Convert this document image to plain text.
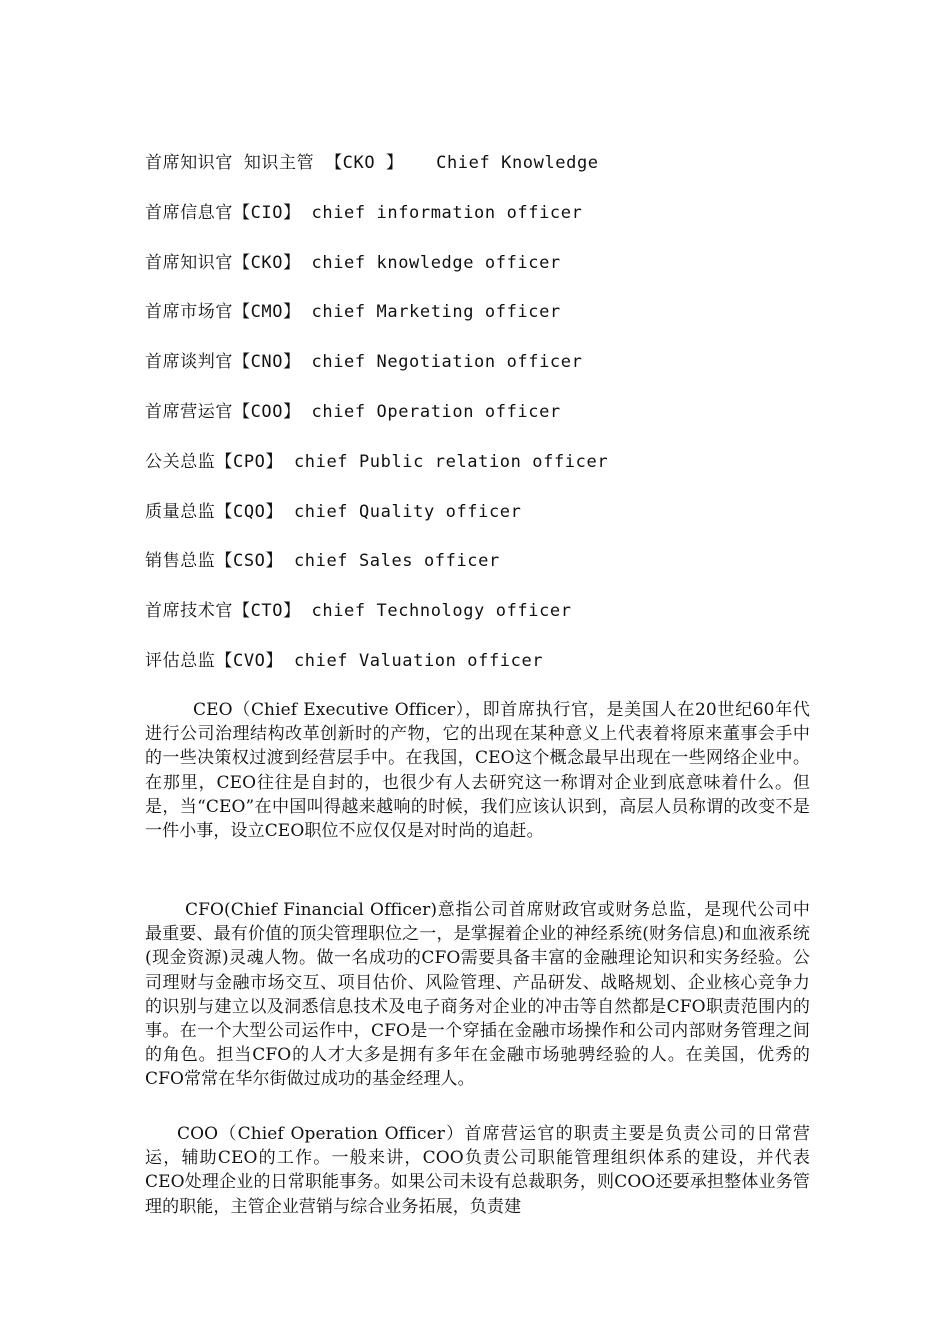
首席知识官 知识主管 【CKO 】   Chief Knowledge
首席信息官【CIO】 chief information officer
首席知识官【CKO】 chief knowledge officer
首席市场官【CMO】 chief Marketing officer
首席谈判官【CNO】 chief Negotiation officer
首席营运官【COO】 chief Operation officer
公关总监【CPO】 chief Public relation officer
质量总监【CQO】 chief Quality officer
销售总监【CSO】 chief Sales officer
首席技术官【CTO】 chief Technology officer
评估总监【CVO】 chief Valuation officer

CEO（Chief Executive Officer），即首席执行官，是美国人在20世纪60年代进行公司治理结构改革创新时的产物，它的出现在某种意义上代表着将原来董事会手中的一些决策权过渡到经营层手中。在我国，CEO这个概念最早出现在一些网络企业中。在那里，CEO往往是自封的，也很少有人去研究这一称谓对企业到底意味着什么。但是，当“CEO”在中国叫得越来越响的时候，我们应该认识到，高层人员称谓的改变不是一件小事，设立CEO职位不应仅仅是对时尚的追赶。

CFO(Chief Financial Officer)意指公司首席财政官或财务总监，是现代公司中最重要、最有价值的顶尖管理职位之一，是掌握着企业的神经系统(财务信息)和血液系统(现金资源)灵魂人物。做一名成功的CFO需要具备丰富的金融理论知识和实务经验。公司理财与金融市场交互、项目估价、风险管理、产品研发、战略规划、企业核心竞争力的识别与建立以及洞悉信息技术及电子商务对企业的冲击等自然都是CFO职责范围内的事。在一个大型公司运作中，CFO是一个穿插在金融市场操作和公司内部财务管理之间的角色。担当CFO的人才大多是拥有多年在金融市场驰骋经验的人。在美国，优秀的CFO常常在华尔街做过成功的基金经理人。

COO（Chief Operation Officer）首席营运官的职责主要是负责公司的日常营运，辅助CEO的工作。一般来讲，COO负责公司职能管理组织体系的建设，并代表CEO处理企业的日常职能事务。如果公司未设有总裁职务，则COO还要承担整体业务管理的职能，主管企业营销与综合业务拓展，负责建
